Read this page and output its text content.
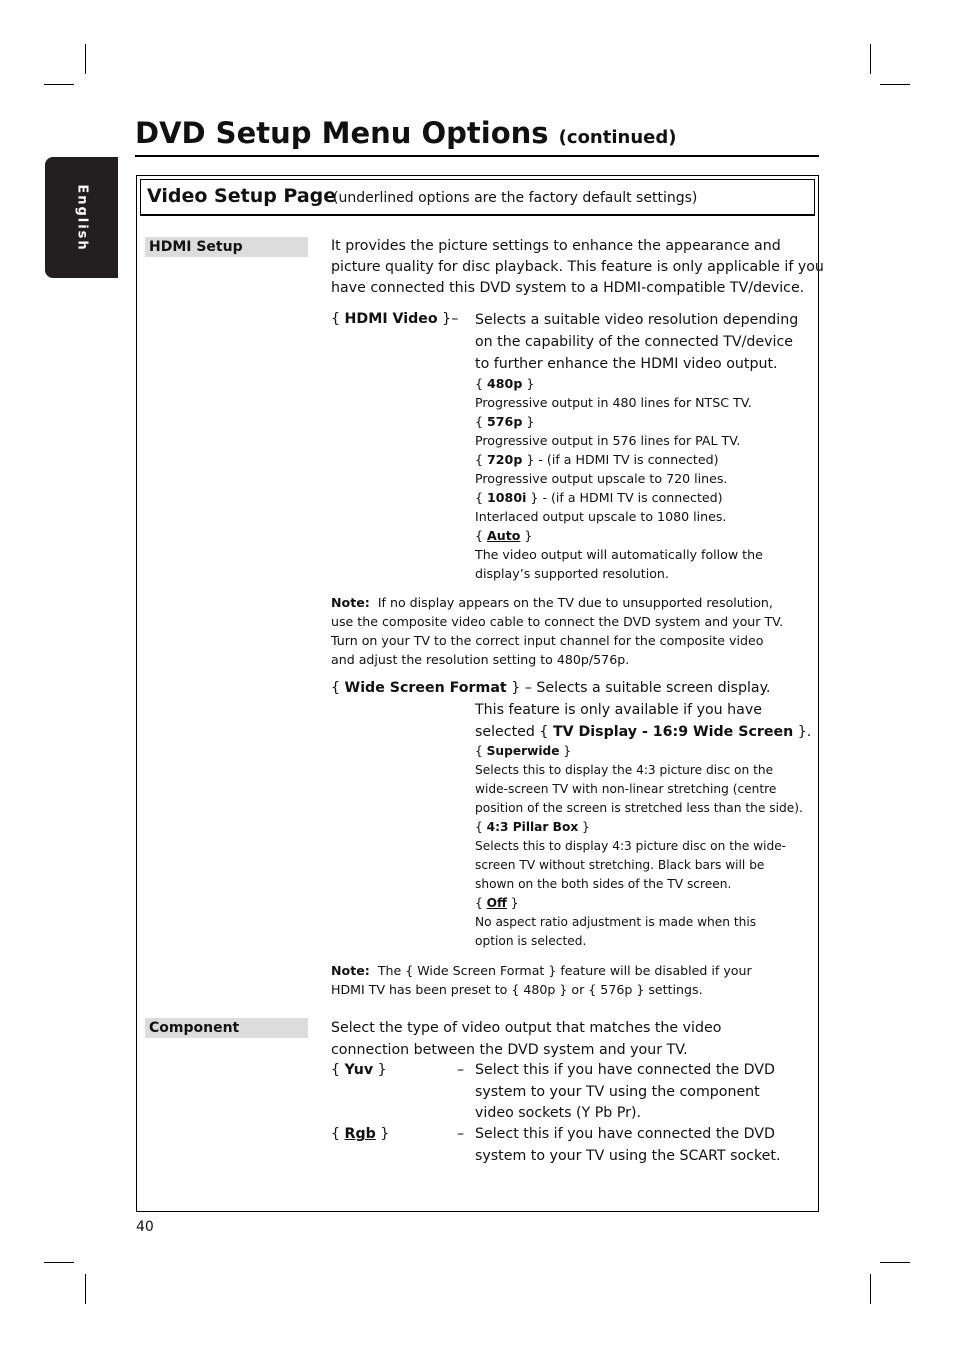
English
DVD Setup Menu Options (continued)
Video Setup Page
(underlined options are the factory default settings)
HDMI Setup	It provides the picture settings to enhance the appearance and
picture quality for disc playback. This feature is only applicable if you
have connected this DVD system to a HDMI-compatible TV/device.
{ HDMI Video }– Selects a suitable video resolution depending
on the capability of the connected TV/device
to further enhance the HDMI video output.
{ 480p }
Progressive output in 480 lines for NTSC TV.
{ 576p }
Progressive output in 576 lines for PAL TV.
{ 720p } - (if a HDMI TV is connected)
Progressive output upscale to 720 lines.
{ 1080i } - (if a HDMI TV is connected)
Interlaced output upscale to 1080 lines.
{ Auto }
The video output will automatically follow the
display’s supported resolution.
Note: If no display appears on the TV due to unsupported resolution,
use the composite video cable to connect the DVD system and your TV.
Turn on your TV to the correct input channel for the composite video
and adjust the resolution setting to 480p/576p.
{ Wide Screen Format } – Selects a suitable screen display.
This feature is only available if you have
selected { TV Display - 16:9 Wide Screen }.
{ Superwide }
Selects this to display the 4:3 picture disc on the
wide-screen TV with non-linear stretching (centre
position of the screen is stretched less than the side).
{ 4:3 Pillar Box }
Selects this to display 4:3 picture disc on the wide-
screen TV without stretching. Black bars will be
shown on the both sides of the TV screen.
{ Off }
No aspect ratio adjustment is made when this
option is selected.
Note: The { Wide Screen Format } feature will be disabled if your
HDMI TV has been preset to { 480p } or { 576p } settings.
Component	Select the type of video output that matches the video
connection between the DVD system and your TV.
{ Yuv }	– Select this if you have connected the DVD
system to your TV using the component
video sockets (Y Pb Pr).
{ Rgb }	– Select this if you have connected the DVD
system to your TV using the SCART socket.
40
